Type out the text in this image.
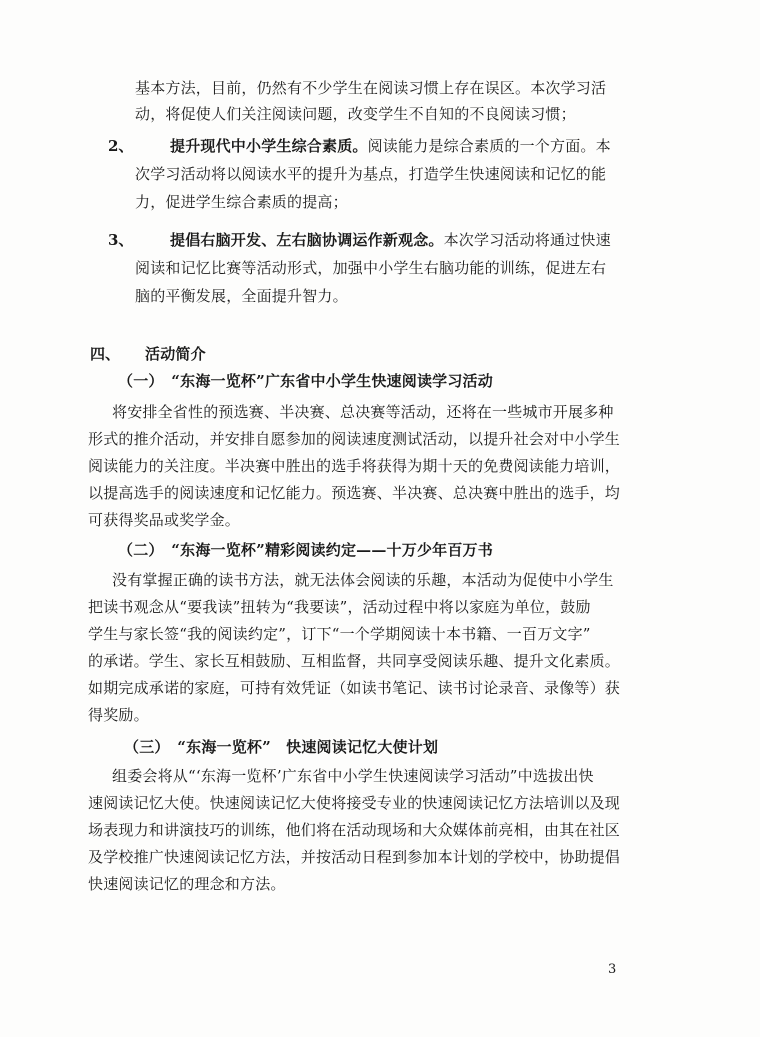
基本方法，目前，仍然有不少学生在阅读习惯上存在误区。本次学习活
动，将促使人们关注阅读问题，改变学生不自知的不良阅读习惯；
2、 提升现代中小学生综合素质。阅读能力是综合素质的一个方面。本
次学习活动将以阅读水平的提升为基点，打造学生快速阅读和记忆的能
力，促进学生综合素质的提高；
3、 提倡右脑开发、左右脑协调运作新观念。本次学习活动将通过快速
阅读和记忆比赛等活动形式，加强中小学生右脑功能的训练，促进左右
脑的平衡发展，全面提升智力。
四、 活动简介
（一）　“东海一览杯”广东省中小学生快速阅读学习活动
将安排全省性的预选赛、半决赛、总决赛等活动，还将在一些城市开展多种
形式的推介活动，并安排自愿参加的阅读速度测试活动，以提升社会对中小学生
阅读能力的关注度。半决赛中胜出的选手将获得为期十天的免费阅读能力培训，
以提高选手的阅读速度和记忆能力。预选赛、半决赛、总决赛中胜出的选手，均
可获得奖品或奖学金。
（二）　“东海一览杯”精彩阅读约定——十万少年百万书
没有掌握正确的读书方法，就无法体会阅读的乐趣，本活动为促使中小学生
把读书观念从“要我读”扭转为“我要读”，活动过程中将以家庭为单位，鼓励
学生与家长签“我的阅读约定”，订下“一个学期阅读十本书籍、一百万文字”
的承诺。学生、家长互相鼓励、互相监督，共同享受阅读乐趣、提升文化素质。
如期完成承诺的家庭，可持有效凭证（如读书笔记、读书讨论录音、录像等）获
得奖励。
（三）　“东海一览杯”　快速阅读记忆大使计划
组委会将从“‘东海一览杯’广东省中小学生快速阅读学习活动”中选拔出快
速阅读记忆大使。快速阅读记忆大使将接受专业的快速阅读记忆方法培训以及现
场表现力和讲演技巧的训练，他们将在活动现场和大众媒体前亮相，由其在社区
及学校推广快速阅读记忆方法，并按活动日程到参加本计划的学校中，协助提倡
快速阅读记忆的理念和方法。
3
